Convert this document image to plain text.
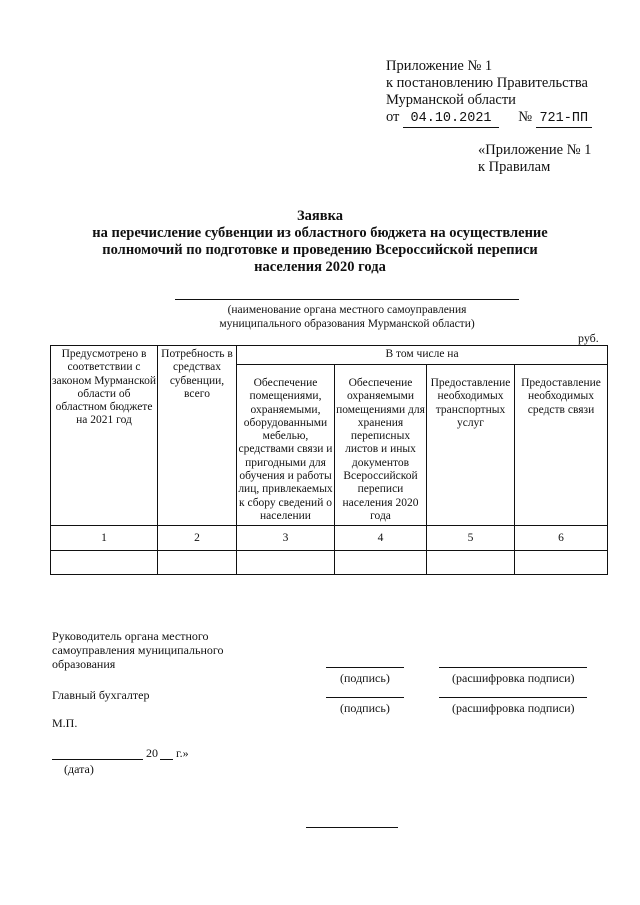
Приложение № 1
к постановлению Правительства
Мурманской области
от 04.10.2021 № 721-ПП
«Приложение № 1
к Правилам
Заявка
на перечисление субвенции из областного бюджета на осуществление
полномочий по подготовке и проведению Всероссийской переписи
населения 2020 года
(наименование органа местного самоуправления
муниципального образования Мурманской области)
руб.
Предусмотрено в соответствии с законом Мурманской области об областном бюджете на 2021 год	Потребность в средствах субвенции, всего	В том числе на			
		Обеспечение помещениями, охраняемыми, оборудованными мебелью, средствами связи и пригодными для обучения и работы лиц, привлекаемых к сбору сведений о населении	Обеспечение охраняемыми помещениями для хранения переписных листов и иных документов Всероссийской переписи населения 2020 года	Предоставление необходимых транспортных услуг	Предоставление необходимых средств связи
1	2	3	4	5	6

Руководитель органа местного
самоуправления муниципального
образования
(подпись)	(расшифровка подписи)
Главный бухгалтер
(подпись)	(расшифровка подписи)
М.П.
20 г.»
(дата)
